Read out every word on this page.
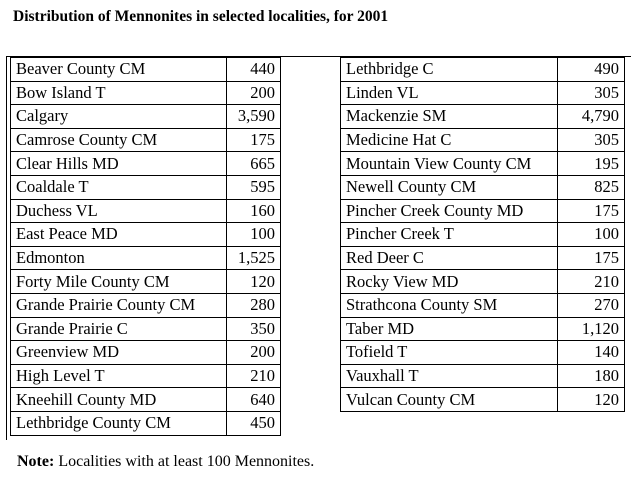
Distribution of Mennonites in selected localities, for 2001
Beaver County CM	440
Bow Island T	200
Calgary	3,590
Camrose County CM	175
Clear Hills MD	665
Coaldale T	595
Duchess VL	160
East Peace MD	100
Edmonton	1,525
Forty Mile County CM	120
Grande Prairie County CM	280
Grande Prairie C	350
Greenview MD	200
High Level T	210
Kneehill County MD	640
Lethbridge County CM	450
Lethbridge C	490
Linden VL	305
Mackenzie SM	4,790
Medicine Hat C	305
Mountain View County CM	195
Newell County CM	825
Pincher Creek County MD	175
Pincher Creek T	100
Red Deer C	175
Rocky View MD	210
Strathcona County SM	270
Taber MD	1,120
Tofield T	140
Vauxhall T	180
Vulcan County CM	120
Note: Localities with at least 100 Mennonites.
